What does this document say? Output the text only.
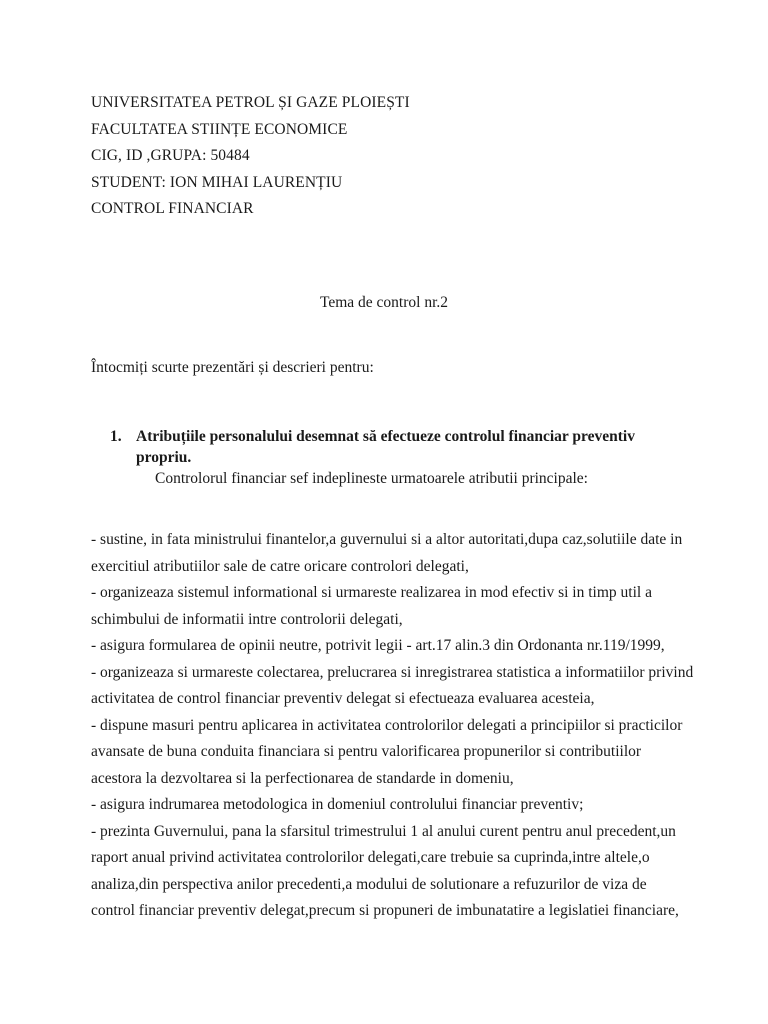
UNIVERSITATEA PETROL ȘI GAZE PLOIEȘTI
FACULTATEA STIINȚE ECONOMICE
CIG, ID ,GRUPA: 50484
STUDENT: ION MIHAI LAURENȚIU
CONTROL FINANCIAR
Tema de control nr.2
Întocmiți scurte prezentări și descrieri pentru:
1. Atribuțiile personalului desemnat să efectueze controlul financiar preventiv
propriu.
Controlorul financiar sef indeplineste urmatoarele atributii principale:
- sustine, in fata ministrului finantelor,a guvernului si a altor autoritati,dupa caz,solutiile date in
exercitiul atributiilor sale de catre oricare controlori delegati,
- organizeaza sistemul informational si urmareste realizarea in mod efectiv si in timp util a
schimbului de informatii intre controlorii delegati,
- asigura formularea de opinii neutre, potrivit legii - art.17 alin.3 din Ordonanta nr.119/1999,
- organizeaza si urmareste colectarea, prelucrarea si inregistrarea statistica a informatiilor privind
activitatea de control financiar preventiv delegat si efectueaza evaluarea acesteia,
- dispune masuri pentru aplicarea in activitatea controlorilor delegati a principiilor si practicilor
avansate de buna conduita financiara si pentru valorificarea propunerilor si contributiilor
acestora la dezvoltarea si la perfectionarea de standarde in domeniu,
- asigura indrumarea metodologica in domeniul controlului financiar preventiv;
- prezinta Guvernului, pana la sfarsitul trimestrului 1 al anului curent pentru anul precedent,un
raport anual privind activitatea controlorilor delegati,care trebuie sa cuprinda,intre altele,o
analiza,din perspectiva anilor precedenti,a modului de solutionare a refuzurilor de viza de
control financiar preventiv delegat,precum si propuneri de imbunatatire a legislatiei financiare,
